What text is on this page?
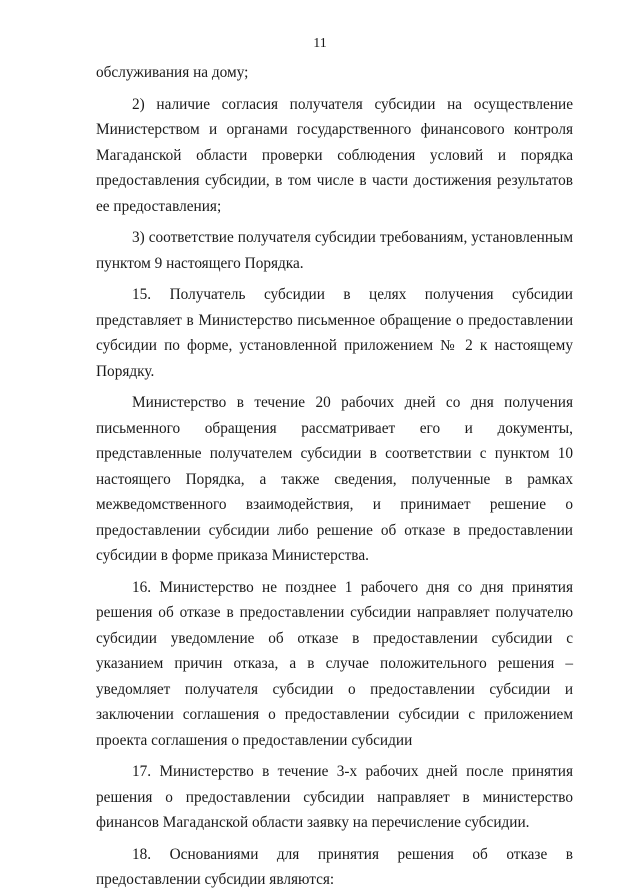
11

обслуживания на дому;

2) наличие согласия получателя субсидии на осуществление Министерством и органами государственного финансового контроля Магаданской области проверки соблюдения условий и порядка предоставления субсидии, в том числе в части достижения результатов ее предоставления;

3) соответствие получателя субсидии требованиям, установленным пунктом 9 настоящего Порядка.

15. Получатель субсидии в целях получения субсидии представляет в Министерство письменное обращение о предоставлении субсидии по форме, установленной приложением № 2 к настоящему Порядку.

Министерство в течение 20 рабочих дней со дня получения письменного обращения рассматривает его и документы, представленные получателем субсидии в соответствии с пунктом 10 настоящего Порядка, а также сведения, полученные в рамках межведомственного взаимодействия, и принимает решение о предоставлении субсидии либо решение об отказе в предоставлении субсидии в форме приказа Министерства.

16. Министерство не позднее 1 рабочего дня со дня принятия решения об отказе в предоставлении субсидии направляет получателю субсидии уведомление об отказе в предоставлении субсидии с указанием причин отказа, а в случае положительного решения – уведомляет получателя субсидии о предоставлении субсидии и заключении соглашения о предоставлении субсидии с приложением проекта соглашения о предоставлении субсидии

17. Министерство в течение 3-х рабочих дней после принятия решения о предоставлении субсидии направляет в министерство финансов Магаданской области заявку на перечисление субсидии.

18. Основаниями для принятия решения об отказе в предоставлении субсидии являются:
